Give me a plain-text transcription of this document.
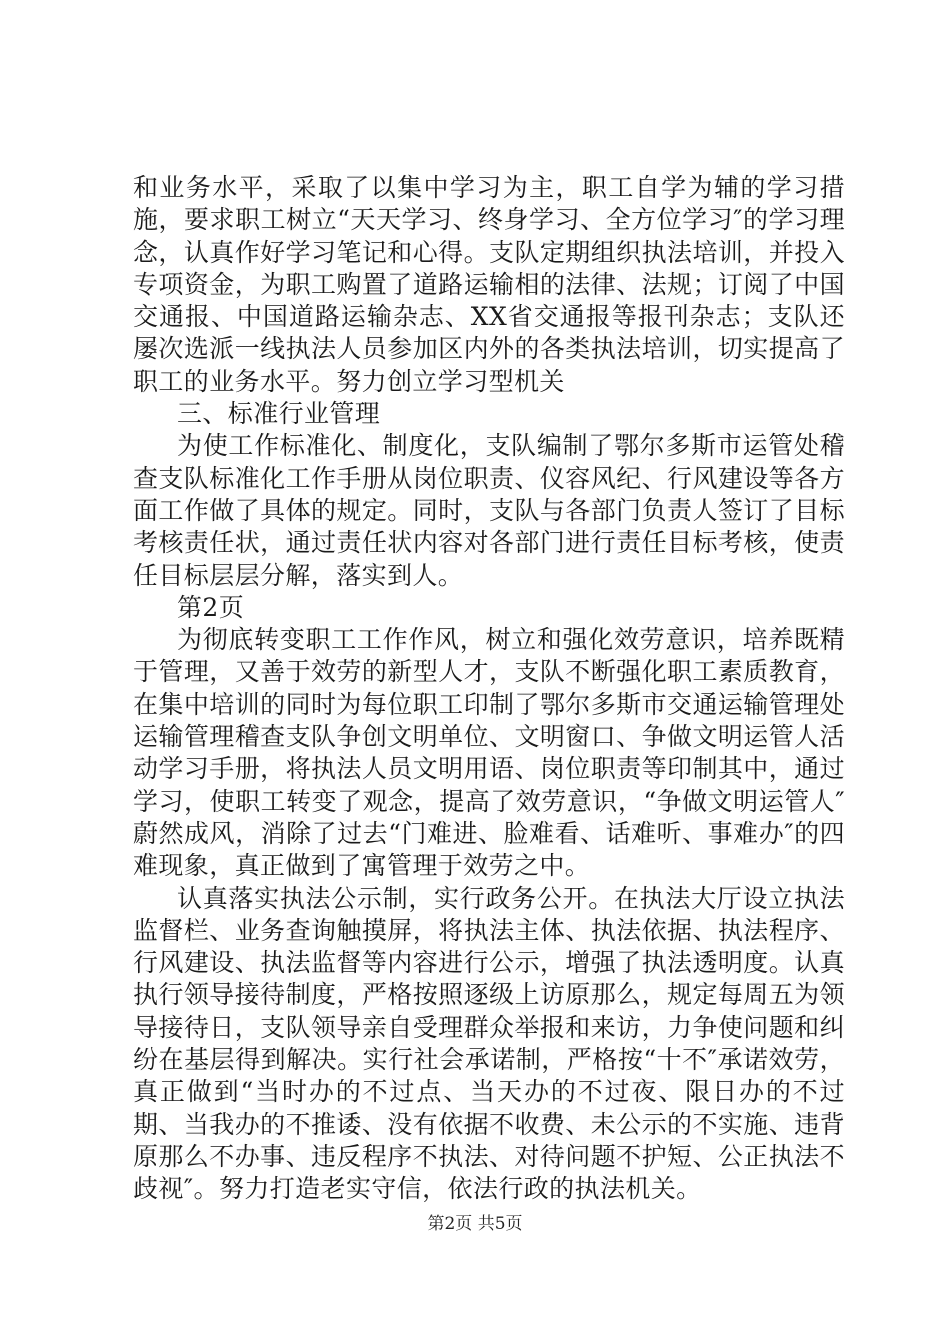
和业务水平，采取了以集中学习为主，职工自学为辅的学习措施，要求职工树立“天天学习、终身学习、全方位学习″的学习理念，认真作好学习笔记和心得。支队定期组织执法培训，并投入专项资金，为职工购置了道路运输相的法律、法规；订阅了中国交通报、中国道路运输杂志、XX省交通报等报刊杂志；支队还屡次选派一线执法人员参加区内外的各类执法培训，切实提高了职工的业务水平。努力创立学习型机关

三、标准行业管理

为使工作标准化、制度化，支队编制了鄂尔多斯市运管处稽查支队标准化工作手册从岗位职责、仪容风纪、行风建设等各方面工作做了具体的规定。同时，支队与各部门负责人签订了目标考核责任状，通过责任状内容对各部门进行责任目标考核，使责任目标层层分解，落实到人。

第2页

为彻底转变职工工作作风，树立和强化效劳意识，培养既精于管理，又善于效劳的新型人才，支队不断强化职工素质教育，在集中培训的同时为每位职工印制了鄂尔多斯市交通运输管理处运输管理稽查支队争创文明单位、文明窗口、争做文明运管人活动学习手册，将执法人员文明用语、岗位职责等印制其中，通过学习，使职工转变了观念，提高了效劳意识，“争做文明运管人″蔚然成风，消除了过去“门难进、脸难看、话难听、事难办″的四难现象，真正做到了寓管理于效劳之中。

认真落实执法公示制，实行政务公开。在执法大厅设立执法监督栏、业务查询触摸屏，将执法主体、执法依据、执法程序、行风建设、执法监督等内容进行公示，增强了执法透明度。认真执行领导接待制度，严格按照逐级上访原那么，规定每周五为领导接待日，支队领导亲自受理群众举报和来访，力争使问题和纠纷在基层得到解决。实行社会承诺制，严格按“十不″承诺效劳，真正做到“当时办的不过点、当天办的不过夜、限日办的不过期、当我办的不推诿、没有依据不收费、未公示的不实施、违背原那么不办事、违反程序不执法、对待问题不护短、公正执法不歧视″。努力打造老实守信，依法行政的执法机关。

第2页 共5页
